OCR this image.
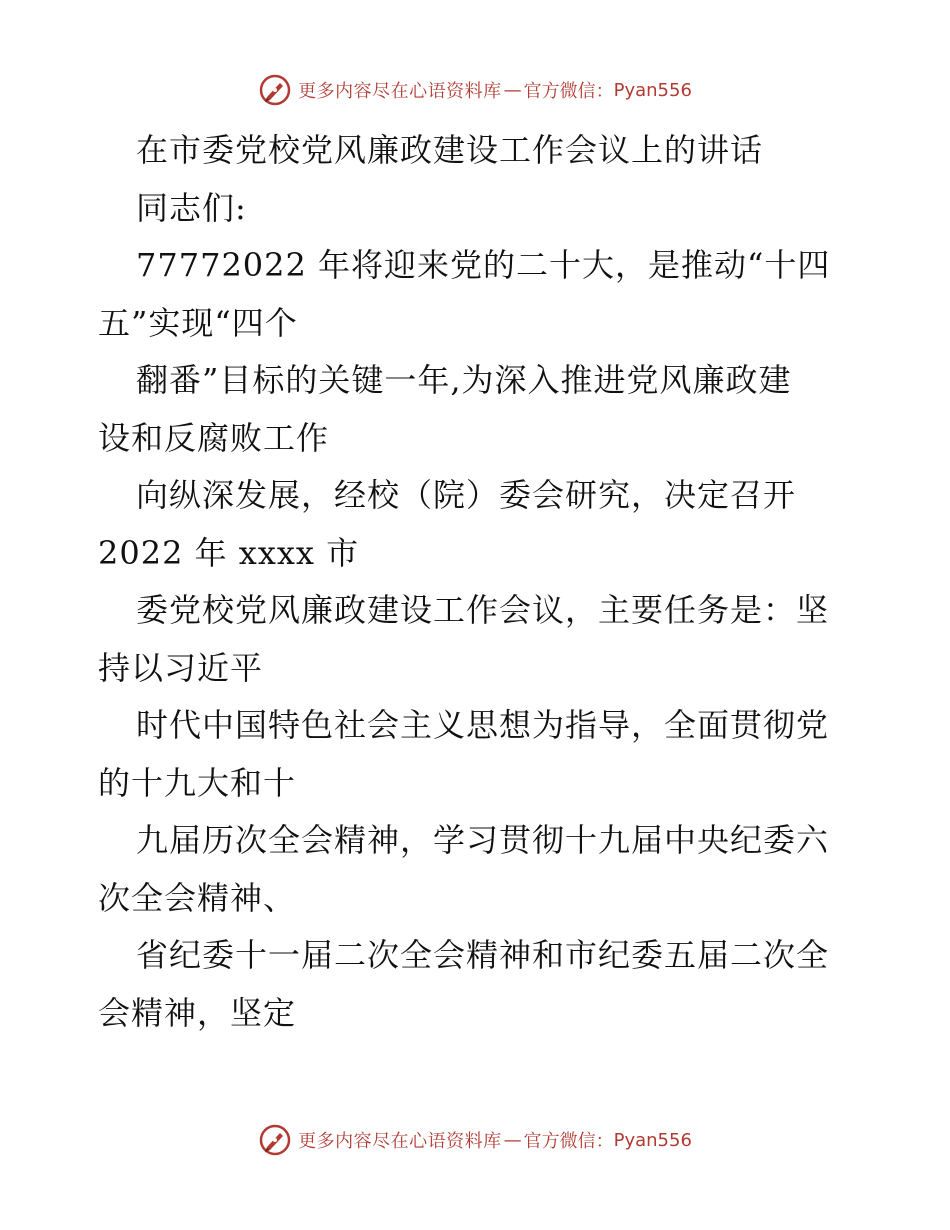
更多内容尽在心语资料库 — 官方微信： Pyan556
在市委党校党风廉政建设工作会议上的讲话
同志们:
77772022 年将迎来党的二十大，是推动“十四
五”实现“四个
翻番”目标的关键一年,为深入推进党风廉政建
设和反腐败工作
向纵深发展，经校（院）委会研究，决定召开
2022 年 xxxx 市
委党校党风廉政建设工作会议，主要任务是：坚
持以习近平
时代中国特色社会主义思想为指导，全面贯彻党
的十九大和十
九届历次全会精神，学习贯彻十九届中央纪委六
次全会精神、
省纪委十一届二次全会精神和市纪委五届二次全
会精神，坚定
更多内容尽在心语资料库 — 官方微信： Pyan556
